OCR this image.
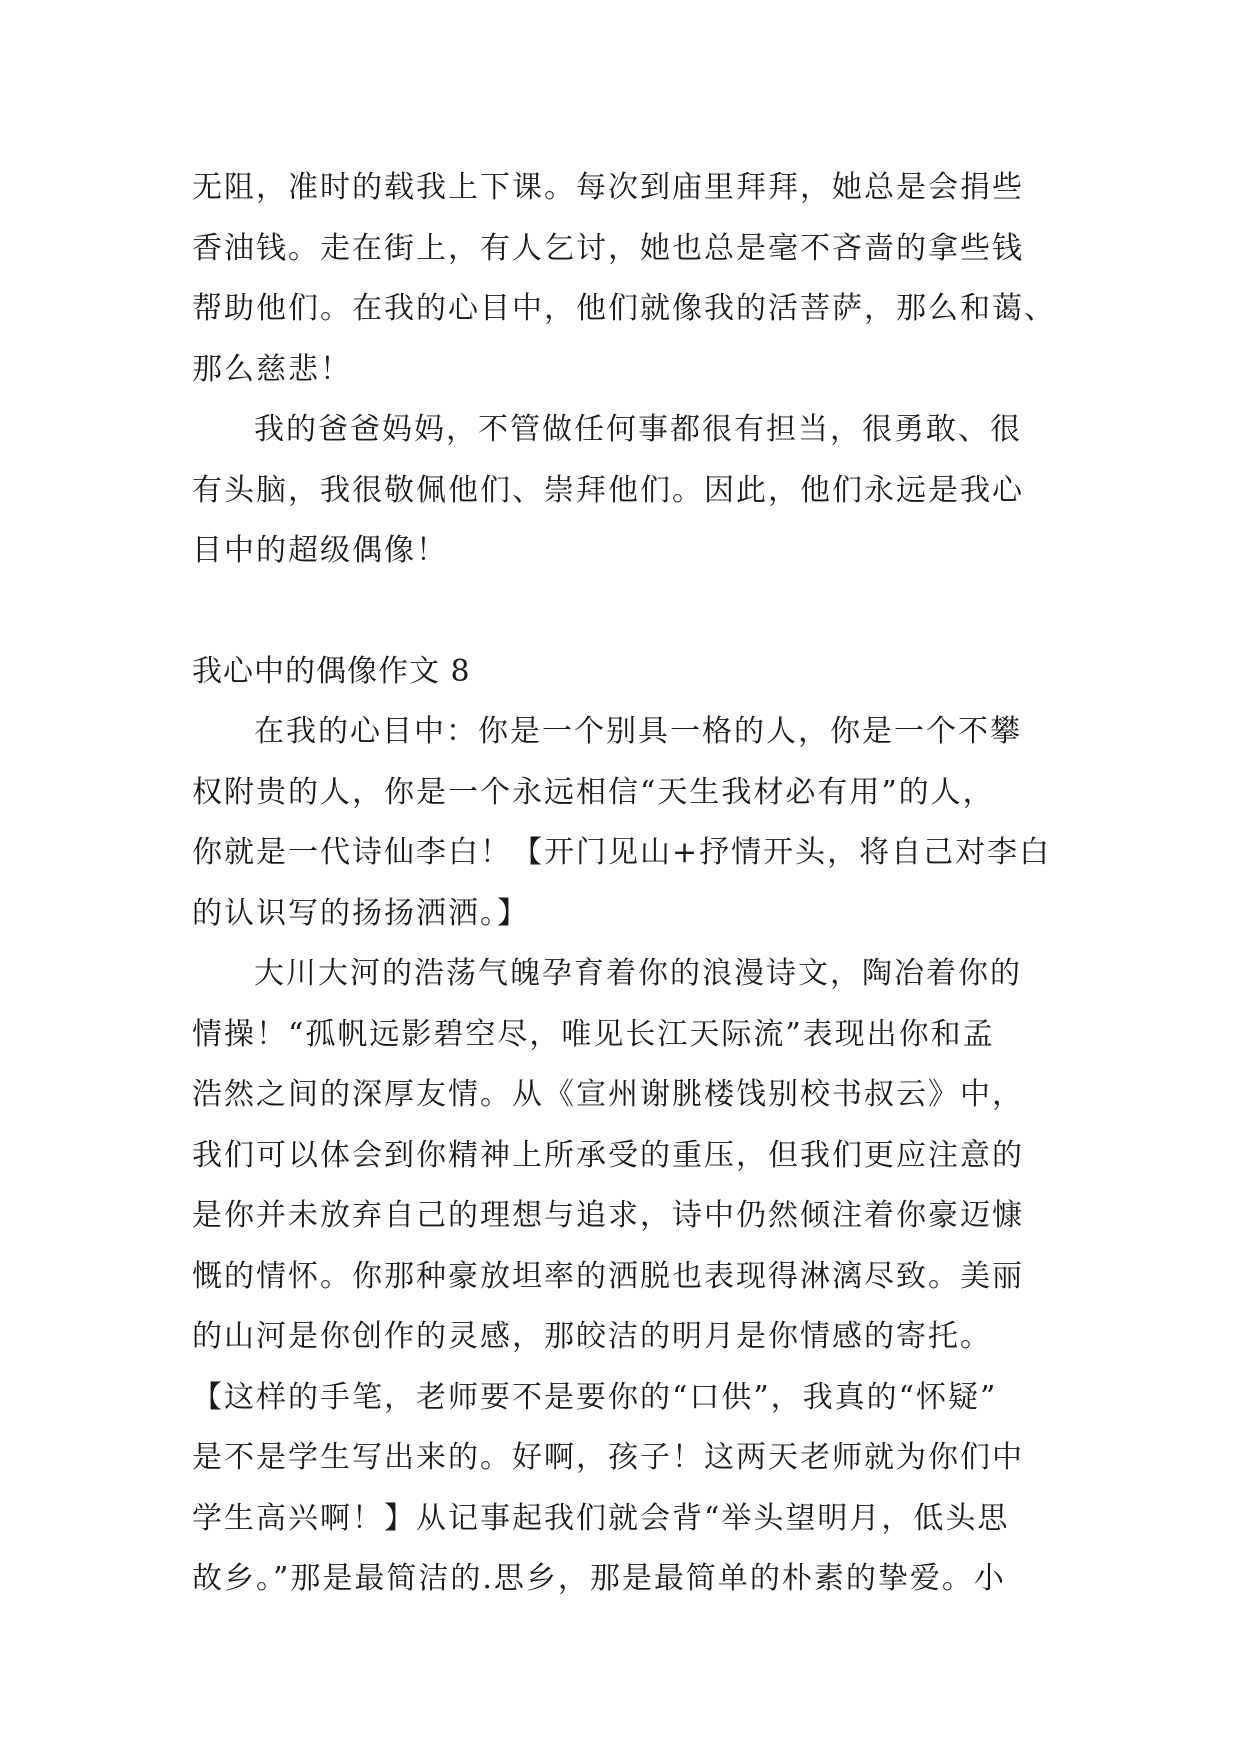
无阻，准时的载我上下课。每次到庙里拜拜，她总是会捐些
香油钱。走在街上，有人乞讨，她也总是毫不吝啬的拿些钱
帮助他们。在我的心目中，他们就像我的活菩萨，那么和蔼、
那么慈悲！
我的爸爸妈妈，不管做任何事都很有担当，很勇敢、很
有头脑，我很敬佩他们、崇拜他们。因此，他们永远是我心
目中的超级偶像！
我心中的偶像作文 8
在我的心目中：你是一个别具一格的人，你是一个不攀
权附贵的人，你是一个永远相信“天生我材必有用”的人，
你就是一代诗仙李白！【开门见山+抒情开头，将自己对李白
的认识写的扬扬洒洒。】
大川大河的浩荡气魄孕育着你的浪漫诗文，陶冶着你的
情操！“孤帆远影碧空尽，唯见长江天际流”表现出你和孟
浩然之间的深厚友情。从《宣州谢朓楼饯别校书叔云》中，
我们可以体会到你精神上所承受的重压，但我们更应注意的
是你并未放弃自己的理想与追求，诗中仍然倾注着你豪迈慷
慨的情怀。你那种豪放坦率的洒脱也表现得淋漓尽致。美丽
的山河是你创作的灵感，那皎洁的明月是你情感的寄托。
【这样的手笔，老师要不是要你的“口供”，我真的“怀疑”
是不是学生写出来的。好啊，孩子！这两天老师就为你们中
学生高兴啊！】从记事起我们就会背“举头望明月，低头思
故乡。”那是最简洁的.思乡，那是最简单的朴素的挚爱。小
